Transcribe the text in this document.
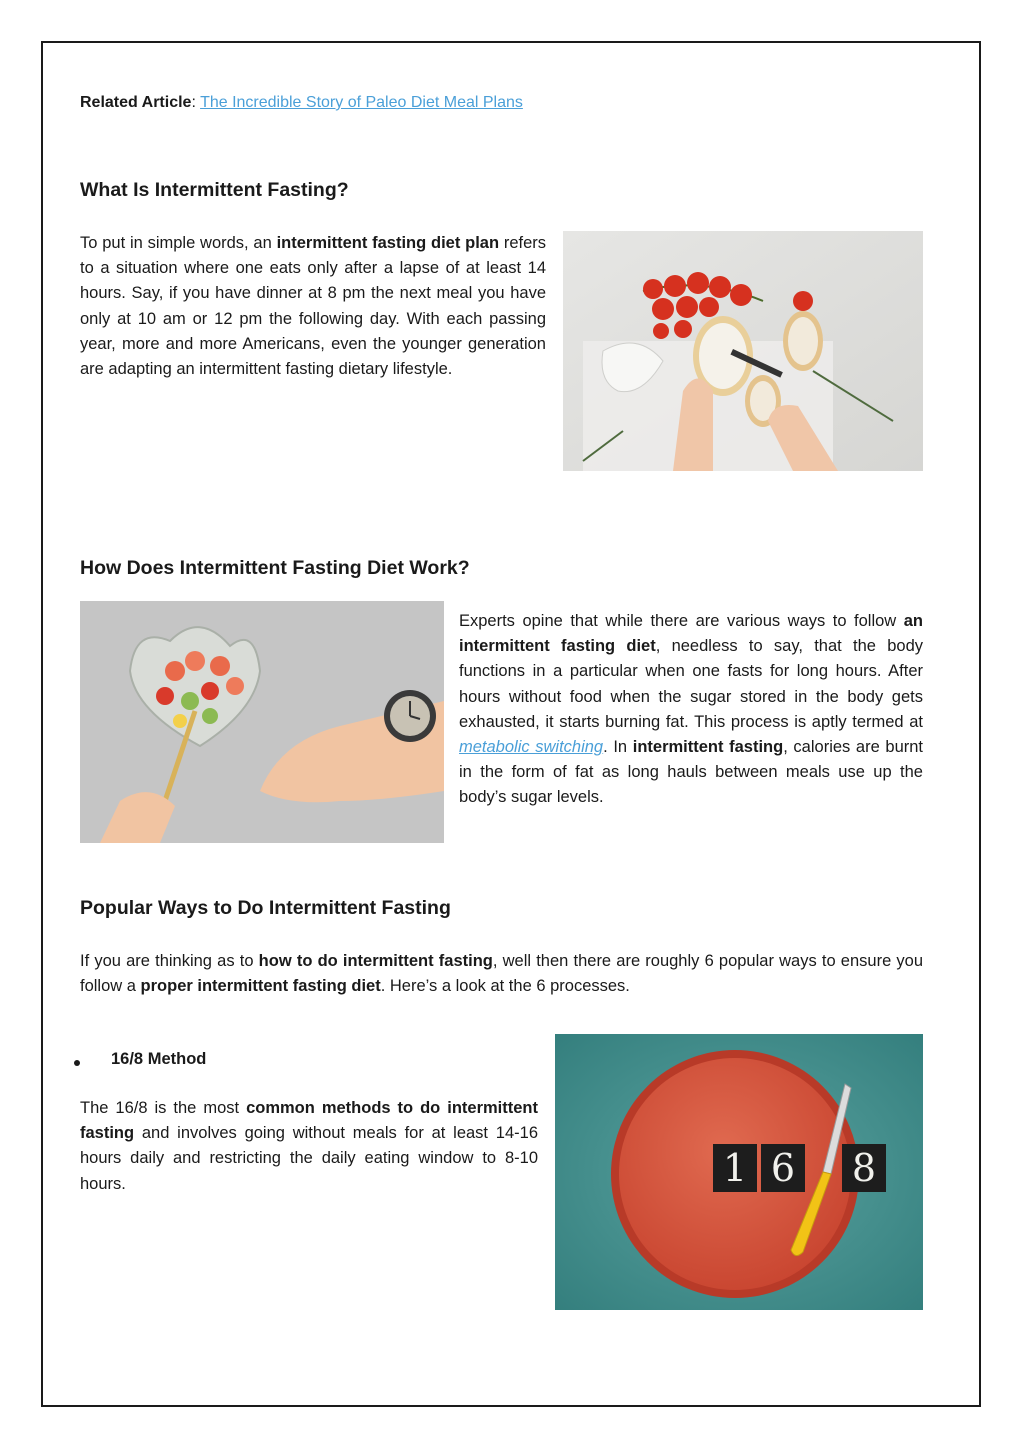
Related Article: The Incredible Story of Paleo Diet Meal Plans
What Is Intermittent Fasting?

To put in simple words, an intermittent fasting diet plan refers to a situation where one eats only after a lapse of at least 14 hours. Say, if you have dinner at 8 pm the next meal you have only at 10 am or 12 pm the following day. With each passing year, more and more Americans, even the younger generation are adapting an intermittent fasting dietary lifestyle.

How Does Intermittent Fasting Diet Work?

Experts opine that while there are various ways to follow an intermittent fasting diet, needless to say, that the body functions in a particular when one fasts for long hours. After hours without food when the sugar stored in the body gets exhausted, it starts burning fat. This process is aptly termed at metabolic switching. In intermittent fasting, calories are burnt in the form of fat as long hauls between meals use up the body’s sugar levels.

Popular Ways to Do Intermittent Fasting

If you are thinking as to how to do intermittent fasting, well then there are roughly 6 popular ways to ensure you follow a proper intermittent fasting diet. Here’s a look at the 6 processes.

16/8 Method

The 16/8 is the most common methods to do intermittent fasting and involves going without meals for at least 14-16 hours daily and restricting the daily eating window to 8-10 hours.	1 6 8
